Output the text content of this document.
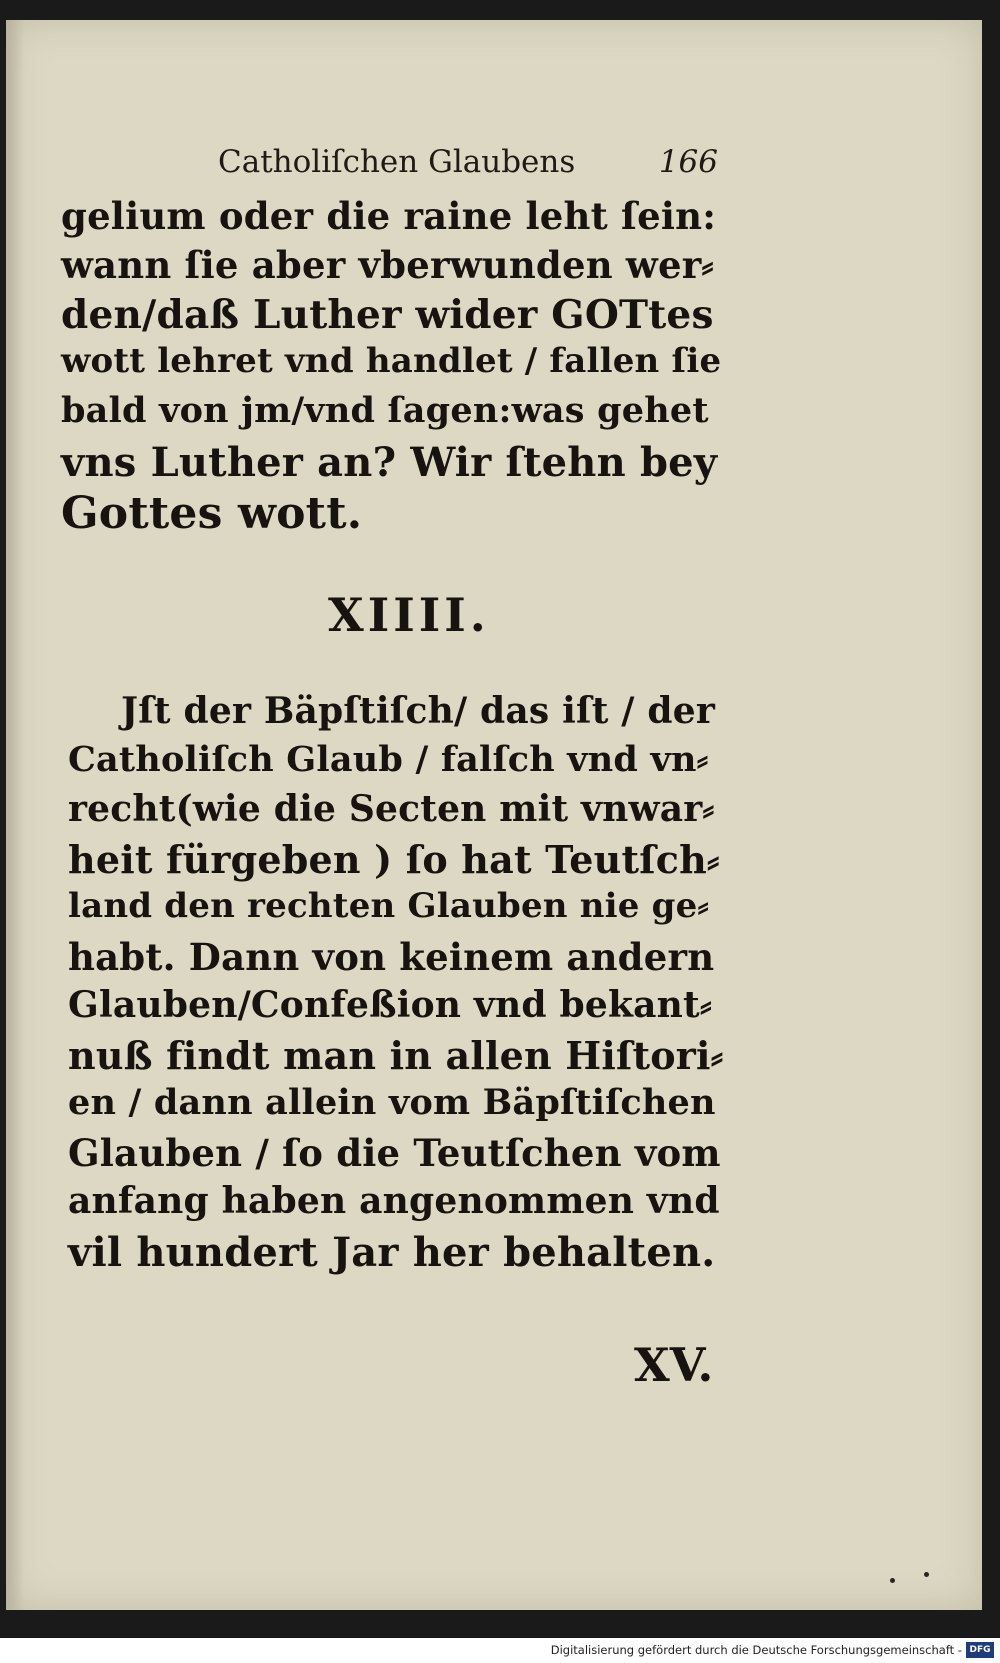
Catholiſchen Glaubens	166
gelium oder die raine leht ſein:
wann ſie aber vberwunden wer⸗
den/daß Luther wider GOTtes
wott lehret vnd handlet / fallen ſie
bald von jm/vnd ſagen:was gehet
vns Luther an? Wir ſtehn bey
Gottes wott.
XIIII.
Jſt der Bäpſtiſch/ das iſt / der
Catholiſch Glaub / falſch vnd vn⸗
recht(wie die Secten mit vnwar⸗
heit fürgeben ) ſo hat Teutſch⸗
land den rechten Glauben nie ge⸗
habt. Dann von keinem andern
Glauben/Confeßion vnd bekant⸗
nuß findt man in allen Hiſtori⸗
en / dann allein vom Bäpſtiſchen
Glauben / ſo die Teutſchen vom
anfang haben angenommen vnd
vil hundert Jar her behalten.
XV.
Digitalisierung gefördert durch die Deutsche Forschungsgemeinschaft - DFG
